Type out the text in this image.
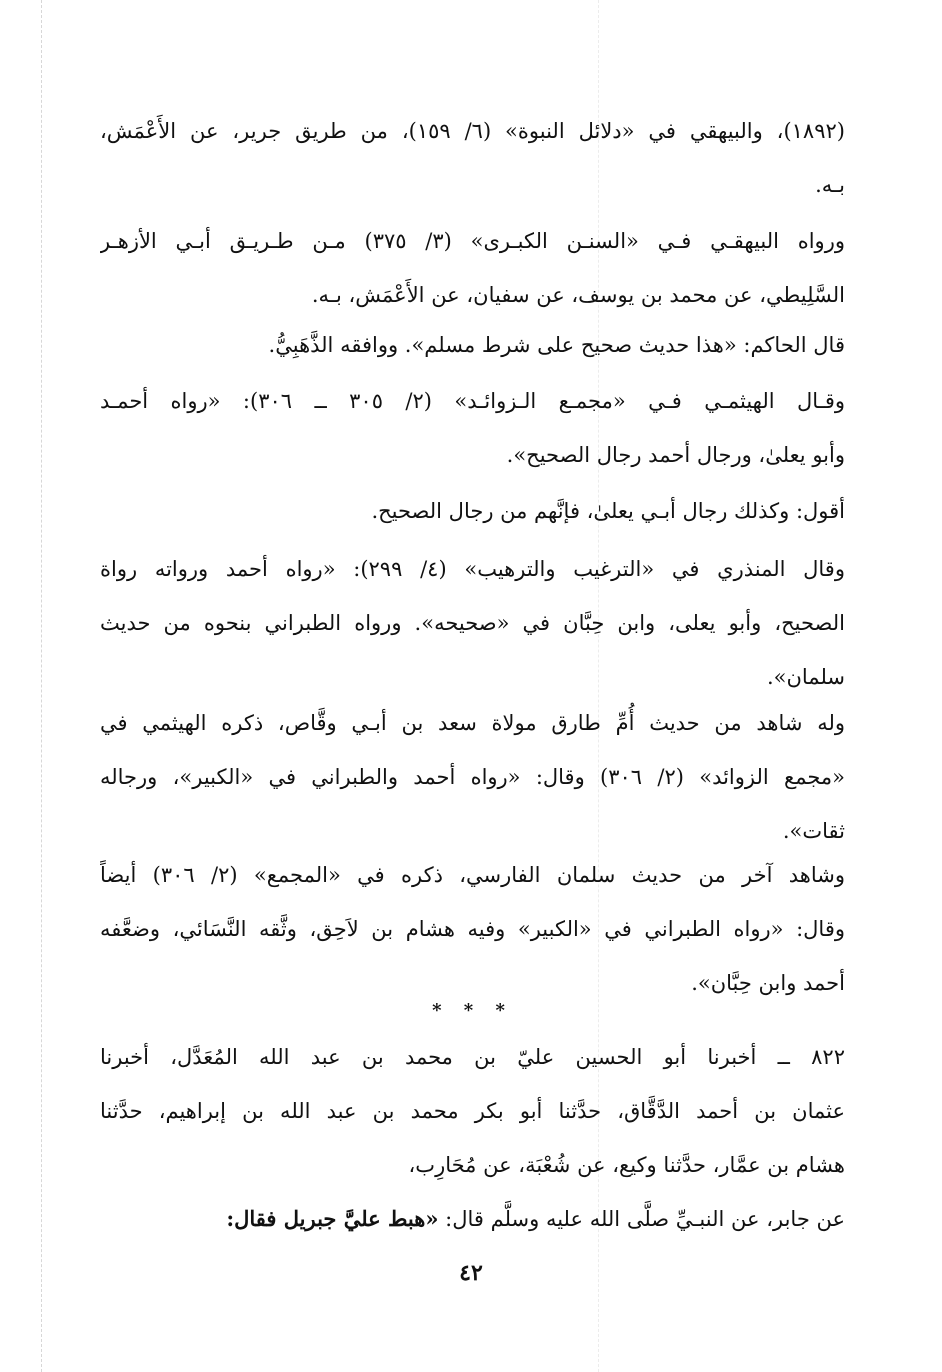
(١٨٩٢)، والبيهقي في «دلائل النبوة» (٦/ ١٥٩)، من طريق جرير، عن الأَعْمَش،
بـه.
ورواه البيهقـي فـي «السنـن الكبـرى» (٣/ ٣٧٥) مـن طـريـق أبـي الأزهـر
السَّلِيطي، عن محمد بن يوسف، عن سفيان، عن الأَعْمَش، بـه.
قال الحاكم: «هذا حديث صحيح على شرط مسلم». ووافقه الذَّهَبِيُّ.
وقـال الهيثمـي فـي «مجمـع الـزوائـد» (٢/ ٣٠٥ ــ ٣٠٦): «رواه أحمـد
وأبو يعلىٰ، ورجال أحمد رجال الصحيح».
أقول: وكذلك رجال أبـي يعلىٰ، فإنَّهم من رجال الصحيح.
وقال المنذري في «الترغيب والترهيب» (٤/ ٢٩٩): «رواه أحمد ورواته رواة
الصحيح، وأبو يعلى، وابن حِبَّان في «صحيحه». ورواه الطبراني بنحوه من حديث
سلمان».
وله شاهد من حديث أُمِّ طارق مولاة سعد بن أبـي وقَّاص، ذكره الهيثمي في
«مجمع الزوائد» (٢/ ٣٠٦) وقال: «رواه أحمد والطبراني في «الكبير»، ورجاله
ثقات».
وشاهد آخر من حديث سلمان الفارسي، ذكره في «المجمع» (٢/ ٣٠٦) أيضاً
وقال: «رواه الطبراني في «الكبير» وفيه هشام بن لاَحِق، وثَّقه النَّسَائي، وضعَّفه
أحمد وابن حِبَّان».
* * *
٨٢٢ ــ أخبرنا أبو الحسين عليّ بن محمد بن عبد الله المُعَدَّل، أخبرنا
عثمان بن أحمد الدَّقَّاق، حدَّثنا أبو بكر محمد بن عبد الله بن إبراهيم، حدَّثنا
هشام بن عمَّار، حدَّثنا وكيع، عن شُعْبَة، عن مُحَارِب،
عن جابر، عن النبـيِّ صلَّى الله عليه وسلَّم قال: «هبط عليَّ جبريل فقال:
٤٢
